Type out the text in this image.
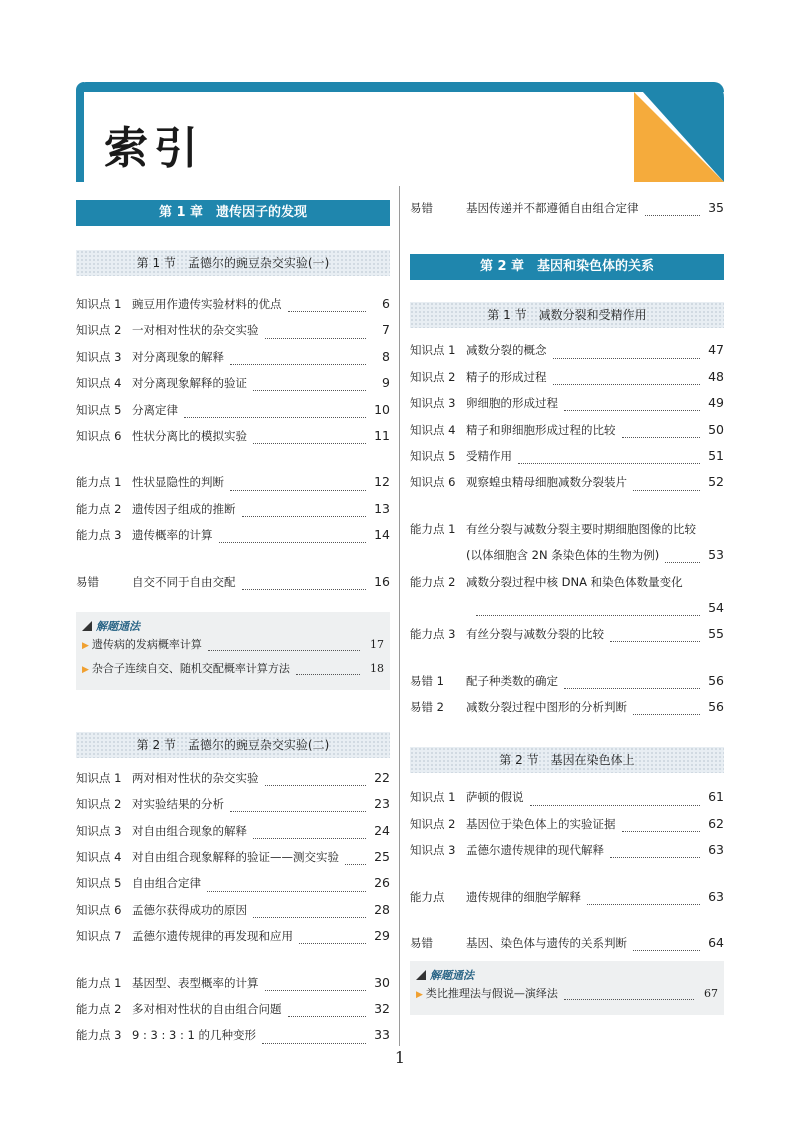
索引
第 1 章　遗传因子的发现
第 1 节　孟德尔的豌豆杂交实验(一)
知识点 1 豌豆用作遗传实验材料的优点	6
知识点 2 一对相对性状的杂交实验	7
知识点 3 对分离现象的解释	8
知识点 4 对分离现象解释的验证	9
知识点 5 分离定律	10
知识点 6 性状分离比的模拟实验	11
能力点 1 性状显隐性的判断	12
能力点 2 遗传因子组成的推断	13
能力点 3 遗传概率的计算	14
易错	自交不同于自由交配	16
解题通法
▶ 遗传病的发病概率计算	17
▶ 杂合子连续自交、随机交配概率计算方法	18
第 2 节　孟德尔的豌豆杂交实验(二)
知识点 1 两对相对性状的杂交实验	22
知识点 2 对实验结果的分析	23
知识点 3 对自由组合现象的解释	24
知识点 4 对自由组合现象解释的验证——测交实验	25
知识点 5 自由组合定律	26
知识点 6 孟德尔获得成功的原因	28
知识点 7 孟德尔遗传规律的再发现和应用	29
能力点 1 基因型、表型概率的计算	30
能力点 2 多对相对性状的自由组合问题	32
能力点 3 9 : 3 : 3 : 1 的几种变形	33
易错	基因传递并不都遵循自由组合定律	35
第 2 章　基因和染色体的关系
第 1 节　减数分裂和受精作用
知识点 1 减数分裂的概念	47
知识点 2 精子的形成过程	48
知识点 3 卵细胞的形成过程	49
知识点 4 精子和卵细胞形成过程的比较	50
知识点 5 受精作用	51
知识点 6 观察蝗虫精母细胞减数分裂装片	52
能力点 1 有丝分裂与减数分裂主要时期细胞图像的比较
(以体细胞含 2N 条染色体的生物为例)	53
能力点 2 减数分裂过程中核 DNA 和染色体数量变化
54
能力点 3 有丝分裂与减数分裂的比较	55
易错 1	配子种类数的确定	56
易错 2	减数分裂过程中图形的分析判断	56
第 2 节　基因在染色体上
知识点 1 萨顿的假说	61
知识点 2 基因位于染色体上的实验证据	62
知识点 3 孟德尔遗传规律的现代解释	63
能力点	遗传规律的细胞学解释	63
易错	基因、染色体与遗传的关系判断	64
解题通法
▶ 类比推理法与假说—演绎法	67
1
